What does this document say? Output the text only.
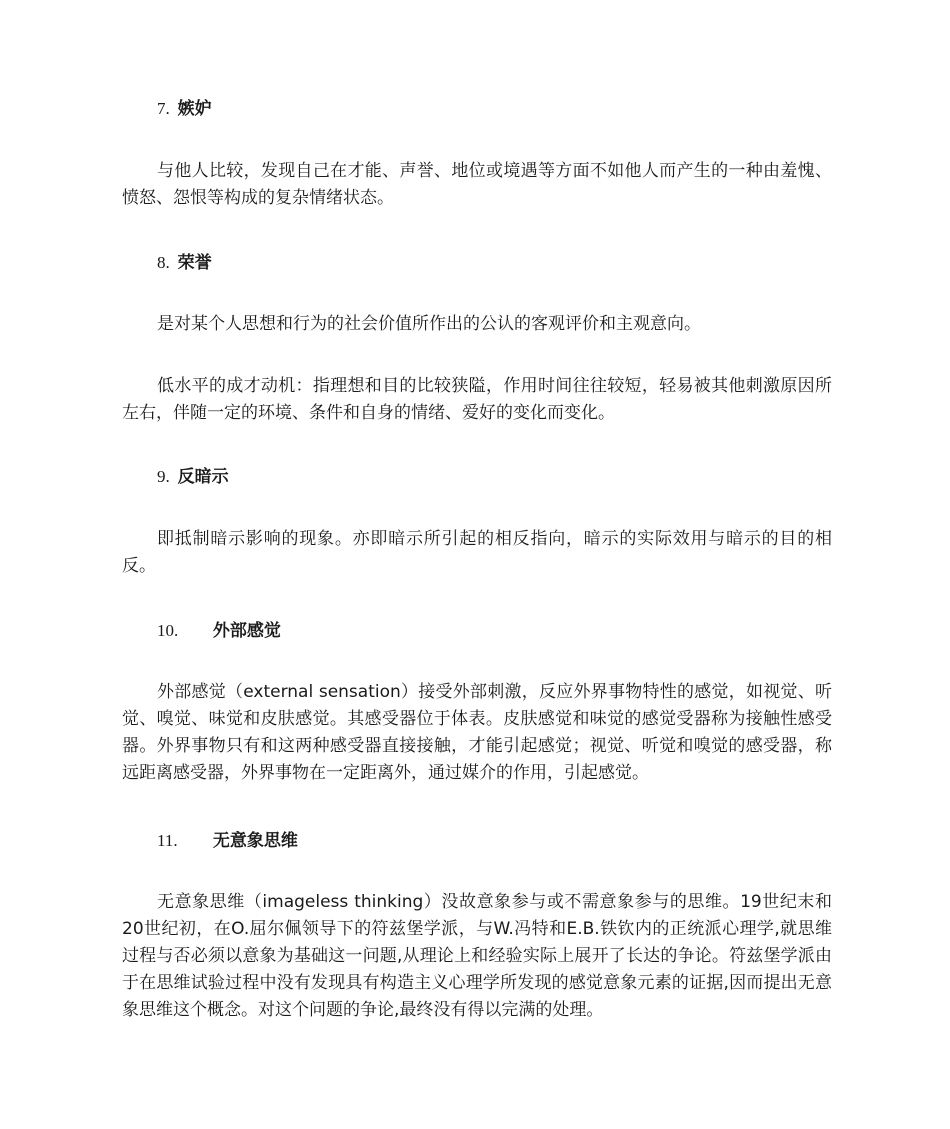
7. 嫉妒

与他人比较，发现自己在才能、声誉、地位或境遇等方面不如他人而产生的一种由羞愧、愤怒、怨恨等构成的复杂情绪状态。

8. 荣誉

是对某个人思想和行为的社会价值所作出的公认的客观评价和主观意向。

低水平的成才动机：指理想和目的比较狭隘，作用时间往往较短，轻易被其他刺激原因所左右，伴随一定的环境、条件和自身的情绪、爱好的变化而变化。

9. 反暗示

即抵制暗示影响的现象。亦即暗示所引起的相反指向，暗示的实际效用与暗示的目的相反。

10. 外部感觉

外部感觉（external sensation）接受外部刺激，反应外界事物特性的感觉，如视觉、听觉、嗅觉、味觉和皮肤感觉。其感受器位于体表。皮肤感觉和味觉的感觉受器称为接触性感受器。外界事物只有和这两种感受器直接接触，才能引起感觉；视觉、听觉和嗅觉的感受器，称远距离感受器，外界事物在一定距离外，通过媒介的作用，引起感觉。

11. 无意象思维

无意象思维（imageless thinking）没故意象参与或不需意象参与的思维。19世纪末和20世纪初，在O.屈尔佩领导下的符兹堡学派，与W.冯特和E.B.铁钦内的正统派心理学,就思维过程与否必须以意象为基础这一问题,从理论上和经验实际上展开了长达的争论。符兹堡学派由于在思维试验过程中没有发现具有构造主义心理学所发现的感觉意象元素的证据,因而提出无意象思维这个概念。对这个问题的争论,最终没有得以完满的处理。
